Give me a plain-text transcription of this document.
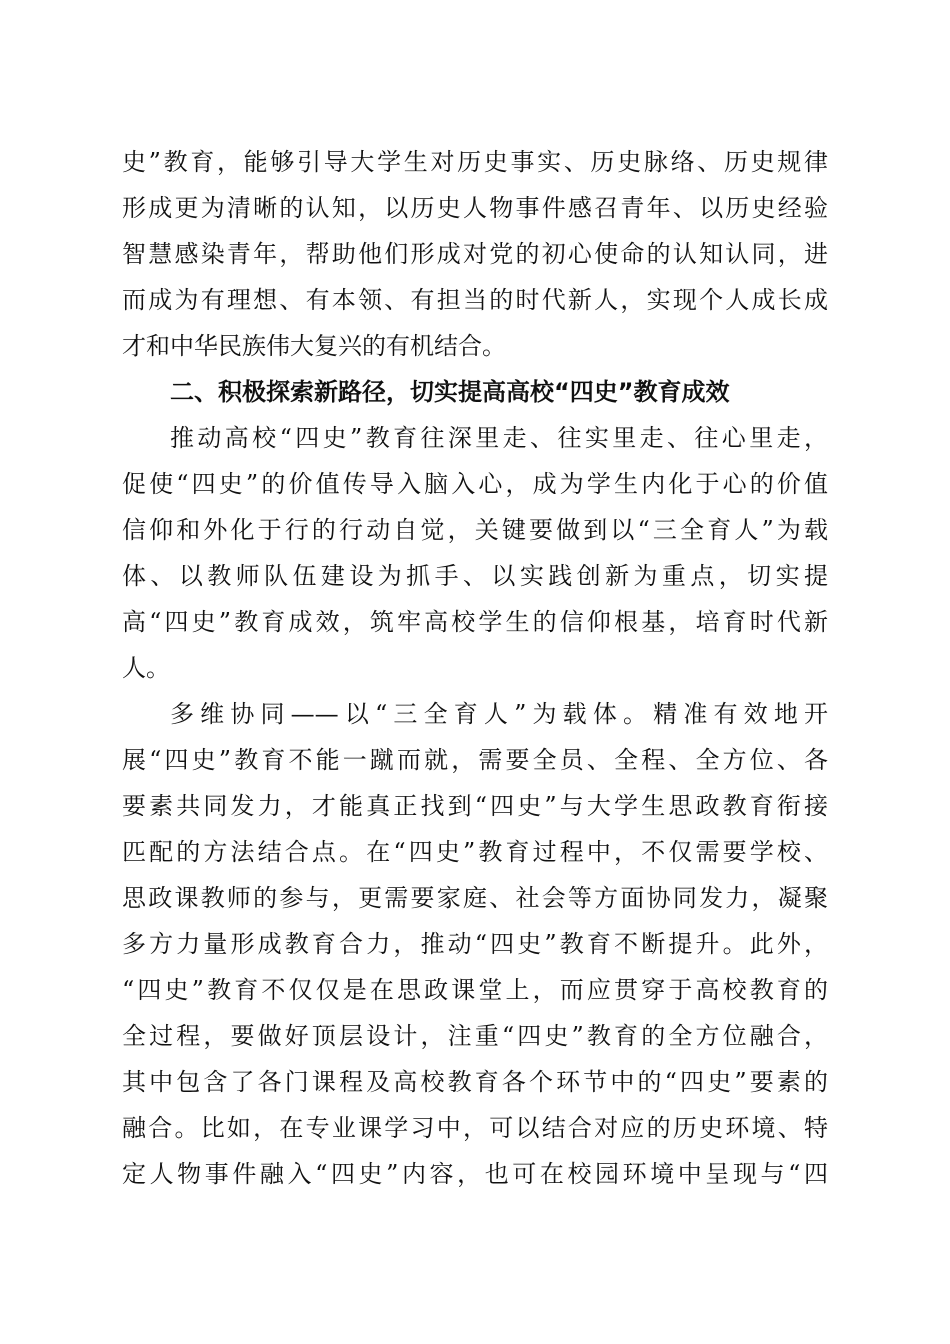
史”教育，能够引导大学生对历史事实、历史脉络、历史规律
形成更为清晰的认知，以历史人物事件感召青年、以历史经验
智慧感染青年，帮助他们形成对党的初心使命的认知认同，进
而成为有理想、有本领、有担当的时代新人，实现个人成长成
才和中华民族伟大复兴的有机结合。
二、积极探索新路径，切实提高高校“四史”教育成效
推动高校“四史”教育往深里走、往实里走、往心里走，
促使“四史”的价值传导入脑入心，成为学生内化于心的价值
信仰和外化于行的行动自觉，关键要做到以“三全育人”为载
体、以教师队伍建设为抓手、以实践创新为重点，切实提
高“四史”教育成效，筑牢高校学生的信仰根基，培育时代新
人。
多维协同——以“三全育人”为载体。精准有效地开
展“四史”教育不能一蹴而就，需要全员、全程、全方位、各
要素共同发力，才能真正找到“四史”与大学生思政教育衔接
匹配的方法结合点。在“四史”教育过程中，不仅需要学校、
思政课教师的参与，更需要家庭、社会等方面协同发力，凝聚
多方力量形成教育合力，推动“四史”教育不断提升。此外，
“四史”教育不仅仅是在思政课堂上，而应贯穿于高校教育的
全过程，要做好顶层设计，注重“四史”教育的全方位融合，
其中包含了各门课程及高校教育各个环节中的“四史”要素的
融合。比如，在专业课学习中，可以结合对应的历史环境、特
定人物事件融入“四史”内容，也可在校园环境中呈现与“四
